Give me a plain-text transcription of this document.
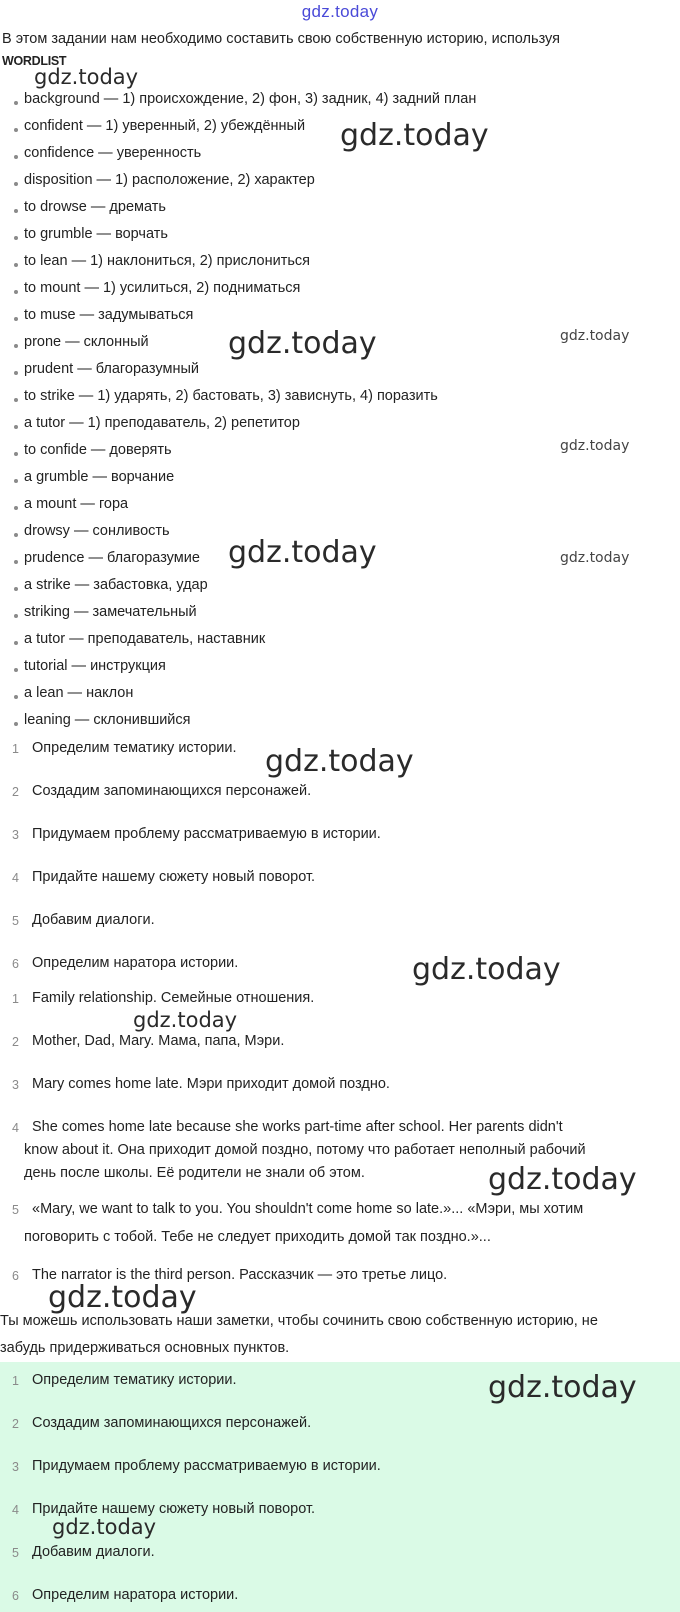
gdz.today
В этом задании нам необходимо составить свою собственную историю, используя
WORDLIST
background — 1) происхождение, 2) фон, 3) задник, 4) задний план
confident — 1) уверенный, 2) убеждённый
confidence — уверенность
disposition — 1) расположение, 2) характер
to drowse — дремать
to grumble — ворчать
to lean — 1) наклониться, 2) прислониться
to mount — 1) усилиться, 2) подниматься
to muse — задумываться
prone — склонный
prudent — благоразумный
to strike — 1) ударять, 2) бастовать, 3) зависнуть, 4) поразить
a tutor — 1) преподаватель, 2) репетитор
to confide — доверять
a grumble — ворчание
a mount — гора
drowsy — сонливость
prudence — благоразумие
a strike — забастовка, удар
striking — замечательный
a tutor — преподаватель, наставник
tutorial — инструкция
a lean — наклон
leaning — склонившийся
1 Определим тематику истории.
2 Создадим запоминающихся персонажей.
3 Придумаем проблему рассматриваемую в истории.
4 Придайте нашему сюжету новый поворот.
5 Добавим диалоги.
6 Определим наратора истории.
1 Family relationship. Семейные отношения.
2 Mother, Dad, Mary. Мама, папа, Мэри.
3 Mary comes home late. Мэри приходит домой поздно.
4 She comes home late because she works part-time after school. Her parents didn't
know about it. Она приходит домой поздно, потому что работает неполный рабочий
день после школы. Её родители не знали об этом.
5 «Mary, we want to talk to you. You shouldn't come home so late.»... «Мэри, мы хотим
поговорить с тобой. Тебе не следует приходить домой так поздно.»...
6 The narrator is the third person. Рассказчик — это третье лицо.
Ты можешь использовать наши заметки, чтобы сочинить свою собственную историю, не
забудь придерживаться основных пунктов.
1 Определим тематику истории.
2 Создадим запоминающихся персонажей.
3 Придумаем проблему рассматриваемую в истории.
4 Придайте нашему сюжету новый поворот.
5 Добавим диалоги.
6 Определим наратора истории.
gdz.today
gdz.today
gdz.today	gdz.today
gdz.today
gdz.today	gdz.today
gdz.today
gdz.today
gdz.today
gdz.today
gdz.today
gdz.today
gdz.today
